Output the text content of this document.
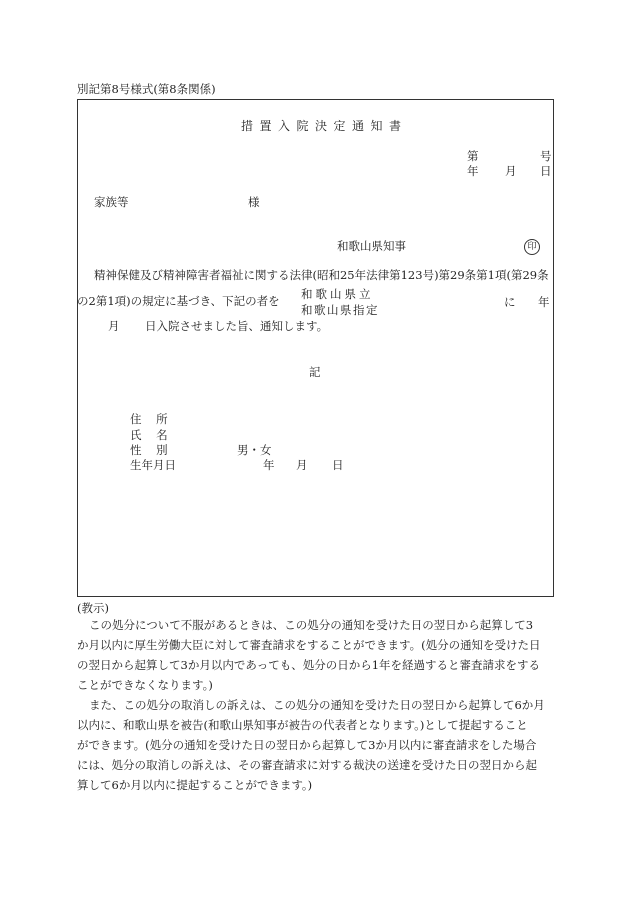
別記第8号様式(第8条関係)
措置入院決定通知書
第	号
年 月 日
家族等	様
和歌山県知事	印
精神保健及び精神障害者福祉に関する法律(昭和25年法律第123号)第29条第1項(第29条
の2第1項)の規定に基づき、下記の者を 和歌山県立
和歌山県指定
に 年
月 日入院させました旨、通知します。
記
住 所
氏 名
性 別	男・女
生年月日	年 月 日
(教示)
この処分について不服があるときは、この処分の通知を受けた日の翌日から起算して3
か月以内に厚生労働大臣に対して審査請求をすることができます。(処分の通知を受けた日
の翌日から起算して3か月以内であっても、処分の日から1年を経過すると審査請求をする
ことができなくなります。)
また、この処分の取消しの訴えは、この処分の通知を受けた日の翌日から起算して6か月
以内に、和歌山県を被告(和歌山県知事が被告の代表者となります。)として提起すること
ができます。(処分の通知を受けた日の翌日から起算して3か月以内に審査請求をした場合
には、処分の取消しの訴えは、その審査請求に対する裁決の送達を受けた日の翌日から起
算して6か月以内に提起することができます。)
